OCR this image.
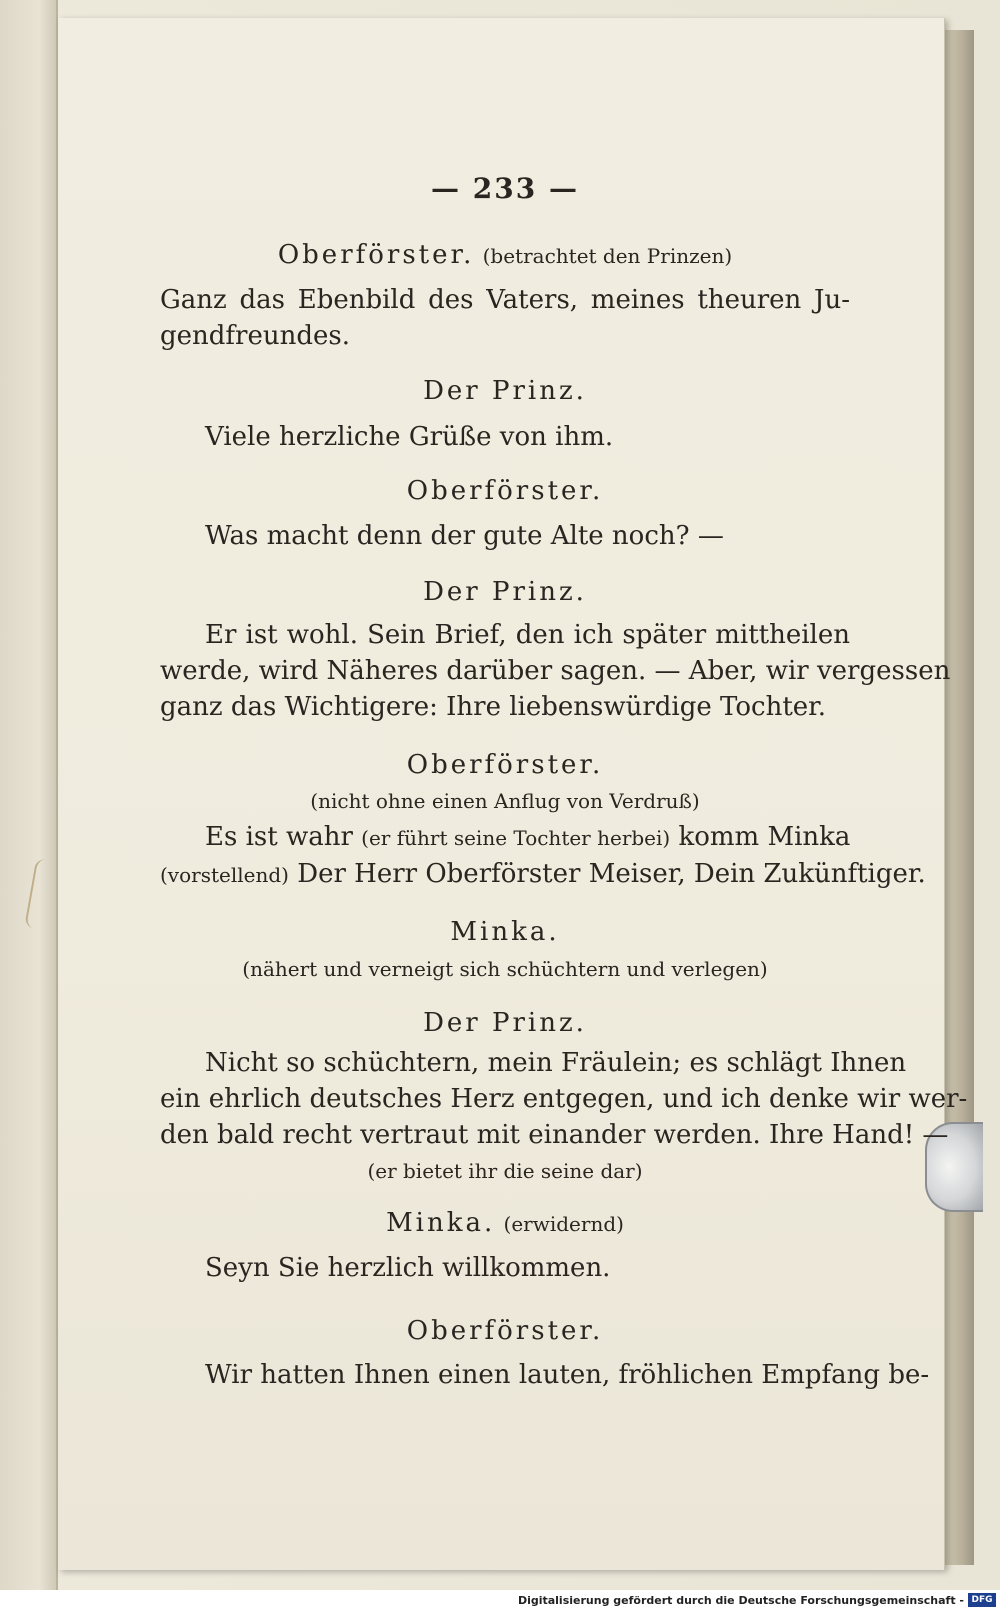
— 233 —
Oberförster. (betrachtet den Prinzen)
Ganz das Ebenbild des Vaters, meines theuren Ju-
gendfreundes.
Der Prinz.
Viele herzliche Grüße von ihm.
Oberförster.
Was macht denn der gute Alte noch? —
Der Prinz.
Er ist wohl. Sein Brief, den ich später mittheilen
werde, wird Näheres darüber sagen. — Aber, wir vergessen
ganz das Wichtigere: Ihre liebenswürdige Tochter.
Oberförster.
(nicht ohne einen Anflug von Verdruß)
Es ist wahr (er führt seine Tochter herbei) komm Minka
(vorstellend) Der Herr Oberförster Meiser, Dein Zukünftiger.
Minka.
(nähert und verneigt sich schüchtern und verlegen)
Der Prinz.
Nicht so schüchtern, mein Fräulein; es schlägt Ihnen
ein ehrlich deutsches Herz entgegen, und ich denke wir wer-
den bald recht vertraut mit einander werden. Ihre Hand! —
(er bietet ihr die seine dar)
Minka. (erwidernd)
Seyn Sie herzlich willkommen.
Oberförster.
Wir hatten Ihnen einen lauten, fröhlichen Empfang be-
Digitalisierung gefördert durch die Deutsche Forschungsgemeinschaft - DFG
